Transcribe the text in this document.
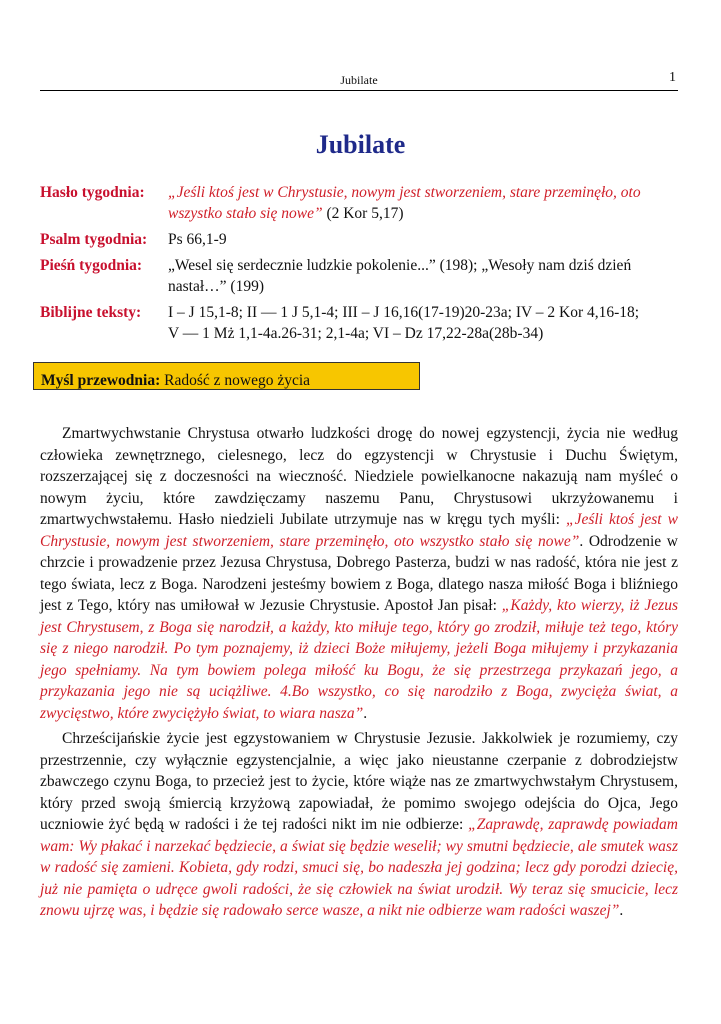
Jubilate	1
Jubilate
Hasło tygodnia:	„Jeśli ktoś jest w Chrystusie, nowym jest stworzeniem, stare przeminęło, oto wszystko stało się nowe” (2 Kor 5,17)
Psalm tygodnia:	Ps 66,1-9
Pieśń tygodnia:	„Wesel się serdecznie ludzkie pokolenie...” (198); „Wesoły nam dziś dzień nastał…” (199)
Biblijne teksty:	I – J 15,1-8; II — 1 J 5,1-4; III – J 16,16(17-19)20-23a; IV – 2 Kor 4,16-18;
V — 1 Mż 1,1-4a.26-31; 2,1-4a; VI – Dz 17,22-28a(28b-34)
Myśl przewodnia: Radość z nowego życia

Zmartwychwstanie Chrystusa otwarło ludzkości drogę do nowej egzystencji, życia nie według człowieka zewnętrznego, cielesnego, lecz do egzystencji w Chrystusie i Duchu Świętym, rozszerzającej się z doczesności na wieczność. Niedziele powielkanocne nakazują nam myśleć o nowym życiu, które zawdzięczamy naszemu Panu, Chrystusowi ukrzyżowanemu i zmartwychwstałemu. Hasło niedzieli Jubilate utrzymuje nas w kręgu tych myśli: „Jeśli ktoś jest w Chrystusie, nowym jest stworzeniem, stare przeminęło, oto wszystko stało się nowe”. Odrodzenie w chrzcie i prowadzenie przez Jezusa Chrystusa, Dobrego Pasterza, budzi w nas radość, która nie jest z tego świata, lecz z Boga. Narodzeni jesteśmy bowiem z Boga, dlatego nasza miłość Boga i bliźniego jest z Tego, który nas umiłował w Jezusie Chrystusie. Apostoł Jan pisał: „Każdy, kto wierzy, iż Jezus jest Chrystusem, z Boga się narodził, a każdy, kto miłuje tego, który go zrodził, miłuje też tego, który się z niego narodził. Po tym poznajemy, iż dzieci Boże miłujemy, jeżeli Boga miłujemy i przykazania jego spełniamy. Na tym bowiem polega miłość ku Bogu, że się przestrzega przykazań jego, a przykazania jego nie są uciążliwe. 4.Bo wszystko, co się narodziło z Boga, zwycięża świat, a zwycięstwo, które zwyciężyło świat, to wiara nasza”.

Chrześcijańskie życie jest egzystowaniem w Chrystusie Jezusie. Jakkolwiek je rozumiemy, czy przestrzennie, czy wyłącznie egzystencjalnie, a więc jako nieustanne czerpanie z dobrodziejstw zbawczego czynu Boga, to przecież jest to życie, które wiąże nas ze zmartwychwstałym Chrystusem, który przed swoją śmiercią krzyżową zapowiadał, że pomimo swojego odejścia do Ojca, Jego uczniowie żyć będą w radości i że tej radości nikt im nie odbierze: „Zaprawdę, zaprawdę powiadam wam: Wy płakać i narzekać będziecie, a świat się będzie weselił; wy smutni będziecie, ale smutek wasz w radość się zamieni. Kobieta, gdy rodzi, smuci się, bo nadeszła jej godzina; lecz gdy porodzi dziecię, już nie pamięta o udręce gwoli radości, że się człowiek na świat urodził. Wy teraz się smucicie, lecz znowu ujrzę was, i będzie się radowało serce wasze, a nikt nie odbierze wam radości waszej”.
